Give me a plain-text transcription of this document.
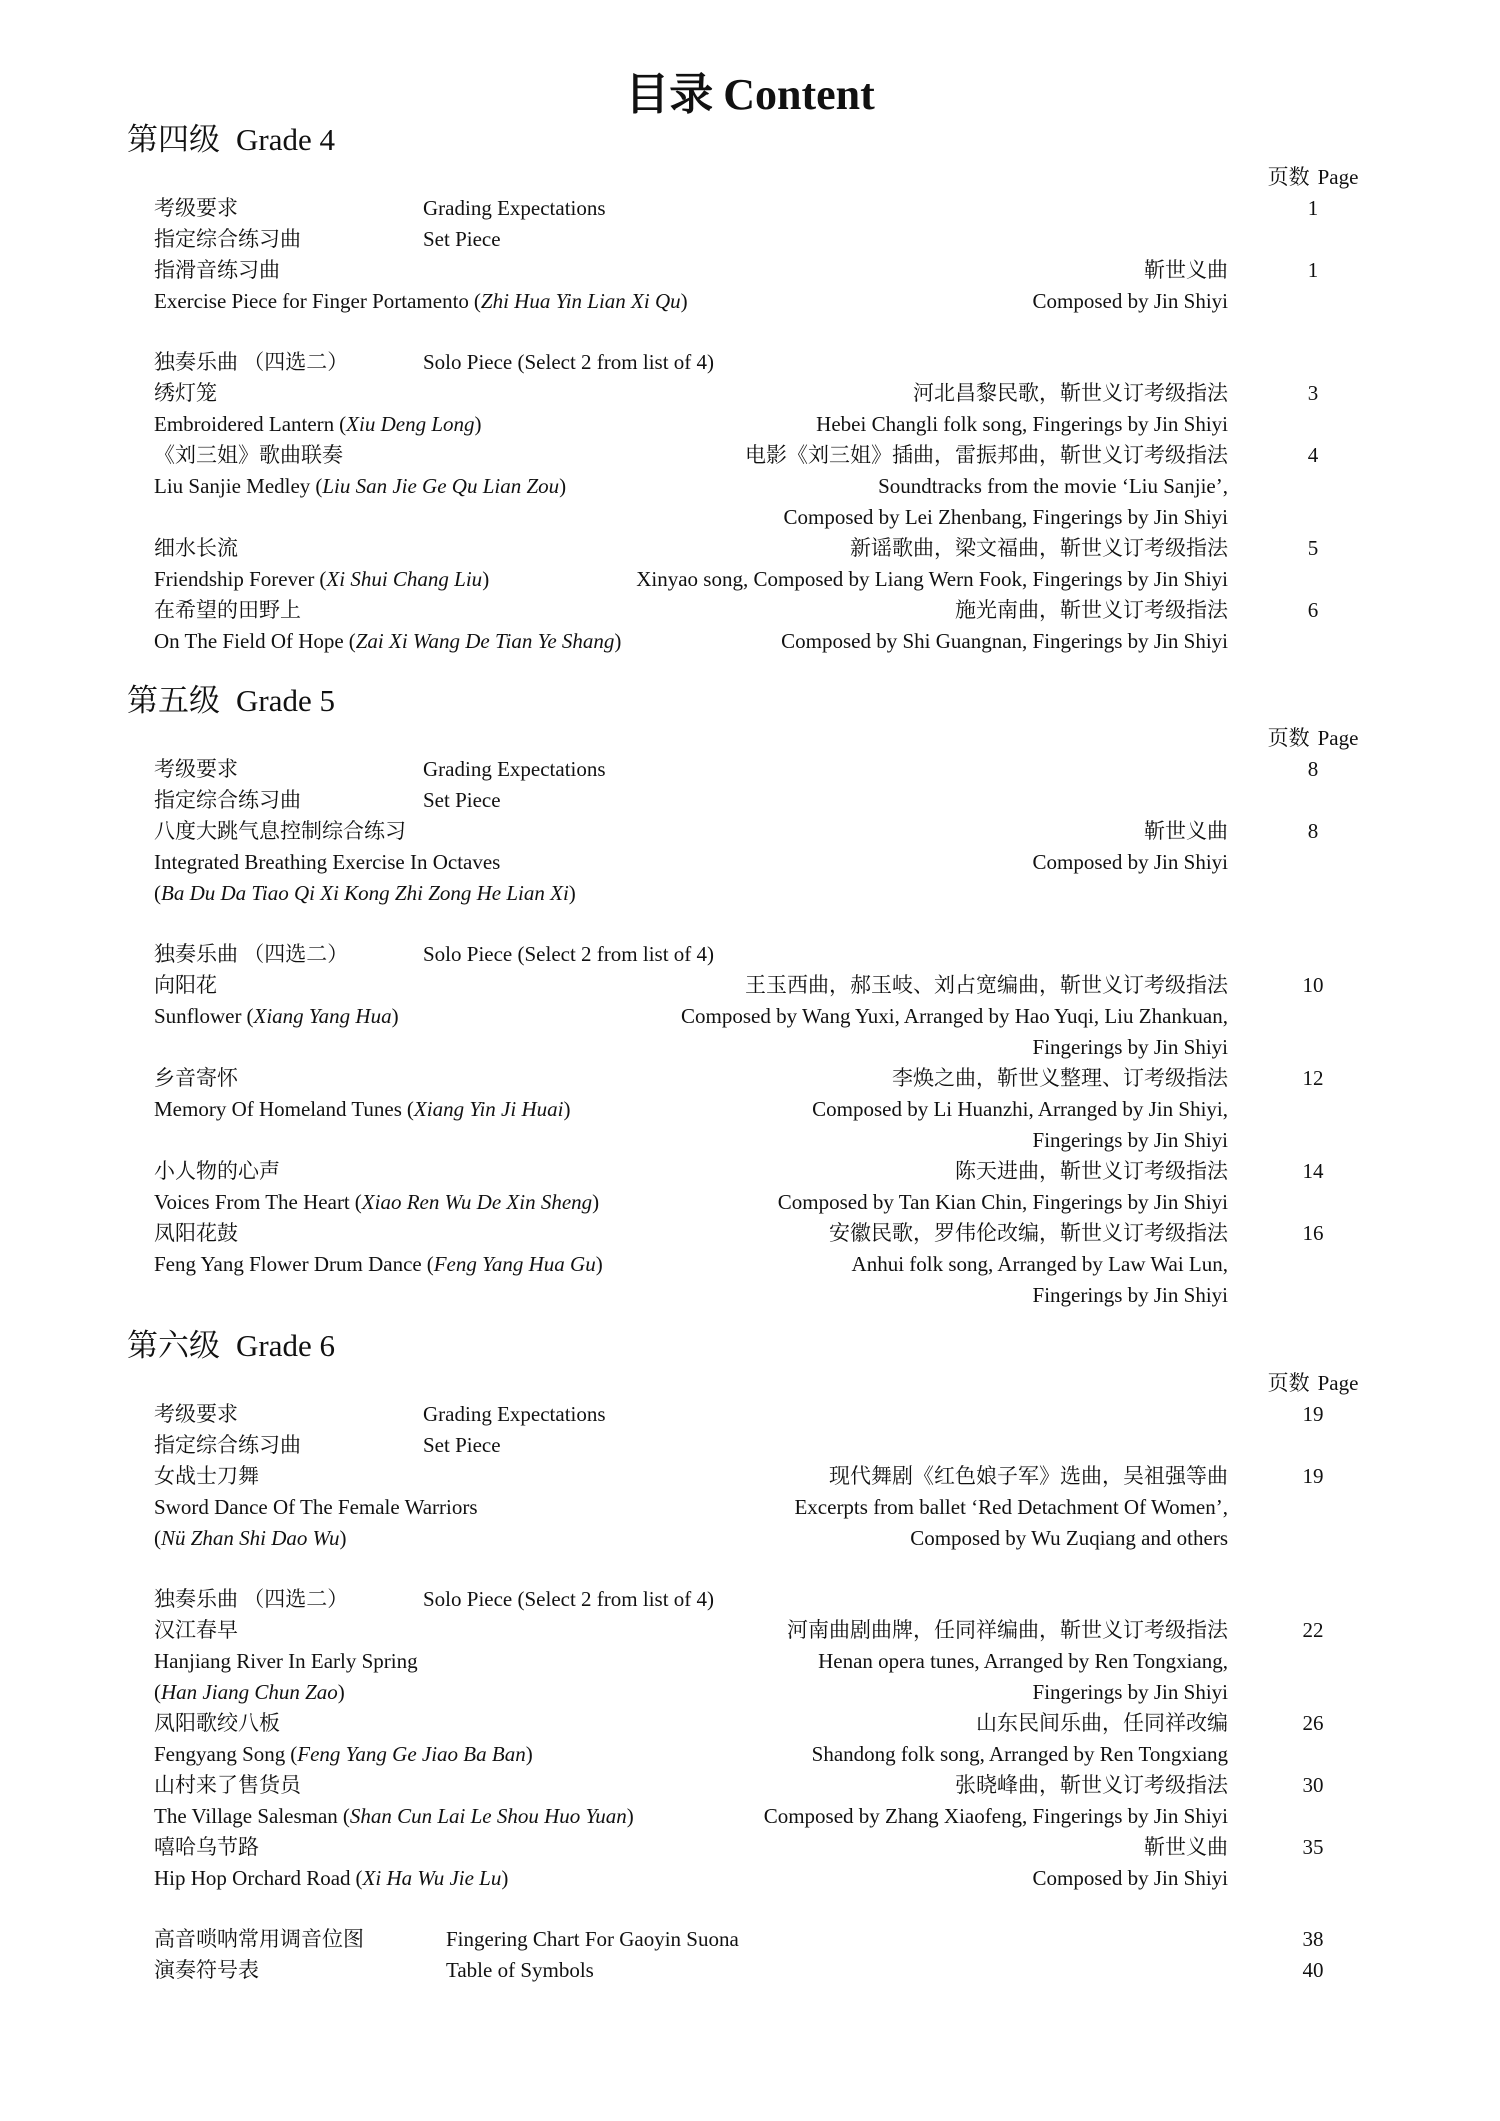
目录 Content
第四级 Grade 4
页数 Page
考级要求	Grading Expectations	1
指定综合练习曲	Set Piece
指滑音练习曲	靳世义曲	1
Exercise Piece for Finger Portamento ( Zhi Hua Yin Lian Xi Qu )	Composed by Jin Shiyi
独奏乐曲 （四选二）	Solo Piece (Select 2 from list of 4)
绣灯笼	河北昌黎民歌，靳世义订考级指法	3
Embroidered Lantern ( Xiu Deng Long )	Hebei Changli folk song, Fingerings by Jin Shiyi
《刘三姐》歌曲联奏	电影《刘三姐》插曲，雷振邦曲，靳世义订考级指法	4
Liu Sanjie Medley ( Liu San Jie Ge Qu Lian Zou )	Soundtracks from the movie ‘Liu Sanjie’,
Composed by Lei Zhenbang, Fingerings by Jin Shiyi
细水长流	新谣歌曲，梁文福曲，靳世义订考级指法	5
Friendship Forever ( Xi Shui Chang Liu )	Xinyao song, Composed by Liang Wern Fook, Fingerings by Jin Shiyi
在希望的田野上	施光南曲，靳世义订考级指法	6
On The Field Of Hope ( Zai Xi Wang De Tian Ye Shang )	Composed by Shi Guangnan, Fingerings by Jin Shiyi
第五级 Grade 5
页数 Page
考级要求	Grading Expectations	8
指定综合练习曲	Set Piece
八度大跳气息控制综合练习	靳世义曲	8
Integrated Breathing Exercise In Octaves	Composed by Jin Shiyi
( Ba Du Da Tiao Qi Xi Kong Zhi Zong He Lian Xi )
独奏乐曲 （四选二）	Solo Piece (Select 2 from list of 4)
向阳花	王玉西曲，郝玉岐、刘占宽编曲，靳世义订考级指法	10
Sunflower ( Xiang Yang Hua )	Composed by Wang Yuxi, Arranged by Hao Yuqi, Liu Zhankuan,
Fingerings by Jin Shiyi
乡音寄怀	李焕之曲，靳世义整理、订考级指法	12
Memory Of Homeland Tunes ( Xiang Yin Ji Huai )	Composed by Li Huanzhi, Arranged by Jin Shiyi,
Fingerings by Jin Shiyi
小人物的心声	陈天进曲，靳世义订考级指法	14
Voices From The Heart ( Xiao Ren Wu De Xin Sheng )	Composed by Tan Kian Chin, Fingerings by Jin Shiyi
凤阳花鼓	安徽民歌，罗伟伦改编，靳世义订考级指法	16
Feng Yang Flower Drum Dance ( Feng Yang Hua Gu )	Anhui folk song, Arranged by Law Wai Lun,
Fingerings by Jin Shiyi
第六级 Grade 6
页数 Page
考级要求	Grading Expectations	19
指定综合练习曲	Set Piece
女战士刀舞	现代舞剧《红色娘子军》选曲，吴祖强等曲	19
Sword Dance Of The Female Warriors	Excerpts from ballet ‘Red Detachment Of Women’,
( Nü Zhan Shi Dao Wu )	Composed by Wu Zuqiang and others
独奏乐曲 （四选二）	Solo Piece (Select 2 from list of 4)
汉江春早	河南曲剧曲牌，任同祥编曲，靳世义订考级指法	22
Hanjiang River In Early Spring	Henan opera tunes, Arranged by Ren Tongxiang,
( Han Jiang Chun Zao )	Fingerings by Jin Shiyi
凤阳歌绞八板	山东民间乐曲，任同祥改编	26
Fengyang Song ( Feng Yang Ge Jiao Ba Ban )	Shandong folk song, Arranged by Ren Tongxiang
山村来了售货员	张晓峰曲，靳世义订考级指法	30
The Village Salesman ( Shan Cun Lai Le Shou Huo Yuan )	Composed by Zhang Xiaofeng, Fingerings by Jin Shiyi
嘻哈乌节路	靳世义曲	35
Hip Hop Orchard Road ( Xi Ha Wu Jie Lu )	Composed by Jin Shiyi
高音唢呐常用调音位图	Fingering Chart For Gaoyin Suona	38
演奏符号表	Table of Symbols	40
